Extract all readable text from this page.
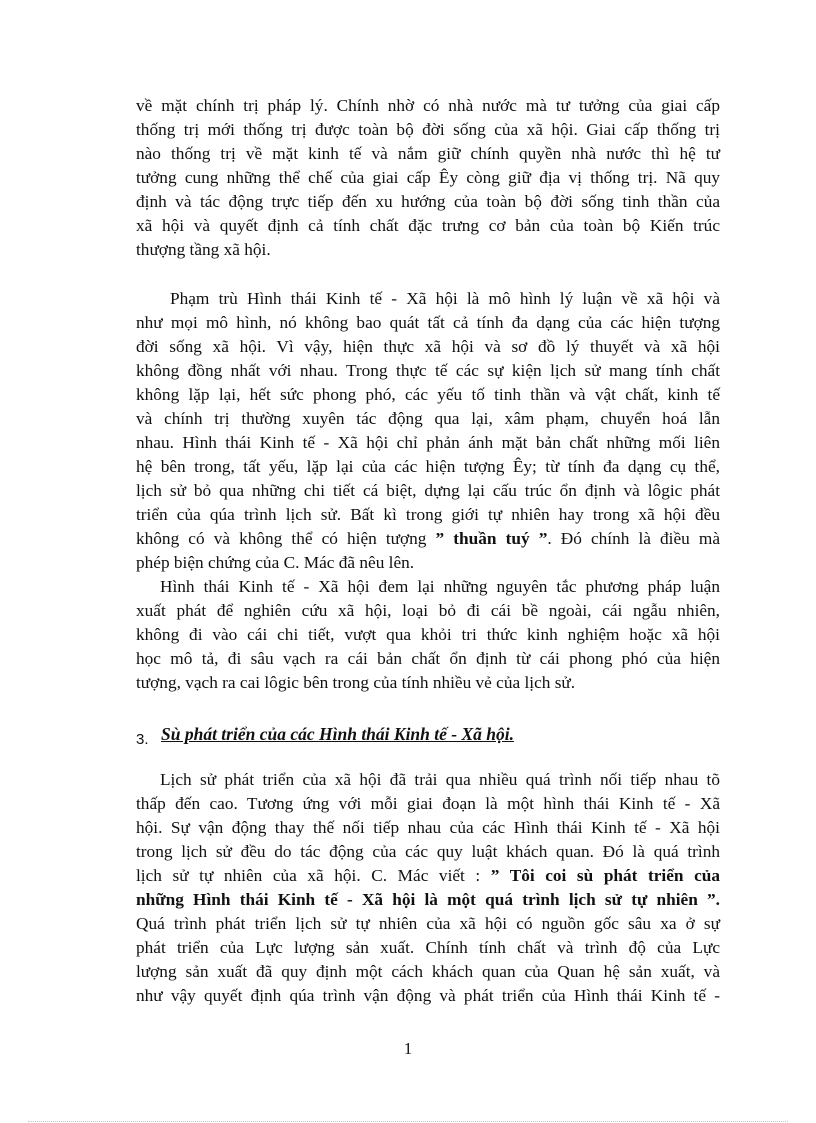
về mặt chính trị pháp lý. Chính nhờ có nhà nước mà tư tưởng của giai cấp
thống trị mới thống trị được toàn bộ đời sống của xã hội. Giai cấp thống trị
nào thống trị về mặt kinh tế và nắm giữ chính quyền nhà nước thì hệ tư
tưởng cung những thể chế của giai cấp Êy còng giữ địa vị thống trị. Nã quy
định và tác động trực tiếp đến xu hướng của toàn bộ đời sống tinh thần của
xã hội và quyết định cả tính chất đặc trưng cơ bản của toàn bộ Kiến trúc
thượng tầng xã hội.
Phạm trù Hình thái Kinh tế - Xã hội là mô hình lý luận về xã hội và
như mọi mô hình, nó không bao quát tất cả tính đa dạng của các hiện tượng
đời sống xã hội. Vì vậy, hiện thực xã hội và sơ đồ lý thuyết và xã hội
không đồng nhất với nhau. Trong thực tế các sự kiện lịch sử mang tính chất
không lặp lại, hết sức phong phó, các yếu tố tinh thần và vật chất, kinh tế
và chính trị thường xuyên tác động qua lại, xâm phạm, chuyển hoá lẫn
nhau. Hình thái Kinh tế - Xã hội chỉ phản ánh mặt bản chất những mối liên
hệ bên trong, tất yếu, lặp lại của các hiện tượng Êy; từ tính đa dạng cụ thể,
lịch sử bỏ qua những chi tiết cá biệt, dựng lại cấu trúc ổn định và lôgic phát
triển của qúa trình lịch sử. Bất kì trong giới tự nhiên hay trong xã hội đều
không có và không thể có hiện tượng ” thuần tuý ”. Đó chính là điều mà
phép biện chứng của C. Mác đã nêu lên.
Hình thái Kinh tế - Xã hội đem lại những nguyên tắc phương pháp luận
xuất phát để nghiên cứu xã hội, loại bỏ đi cái bề ngoài, cái ngẫu nhiên,
không đi vào cái chi tiết, vượt qua khỏi tri thức kinh nghiệm hoặc xã hội
học mô tả, đi sâu vạch ra cái bản chất ổn định từ cái phong phó của hiện
tượng, vạch ra cai lôgic bên trong của tính nhiều vẻ của lịch sử.
3. Sù phát triển của các Hình thái Kinh tế - Xã hội.
Lịch sử phát triển của xã hội đã trải qua nhiều quá trình nối tiếp nhau tõ
thấp đến cao. Tương ứng với mỗi giai đoạn là một hình thái Kinh tế - Xã
hội. Sự vận động thay thế nối tiếp nhau của các Hình thái Kinh tế - Xã hội
trong lịch sử đều do tác động của các quy luật khách quan. Đó là quá trình
lịch sử tự nhiên của xã hội. C. Mác viết : ” Tôi coi sù phát triển của
những Hình thái Kinh tế - Xã hội là một quá trình lịch sử tự nhiên ”.
Quá trình phát triển lịch sử tự nhiên của xã hội có nguồn gốc sâu xa ở sự
phát triển của Lực lượng sản xuất. Chính tính chất và trình độ của Lực
lượng sản xuất đã quy định một cách khách quan của Quan hệ sản xuất, và
như vậy quyết định qúa trình vận động và phát triển của Hình thái Kinh tế -
1
